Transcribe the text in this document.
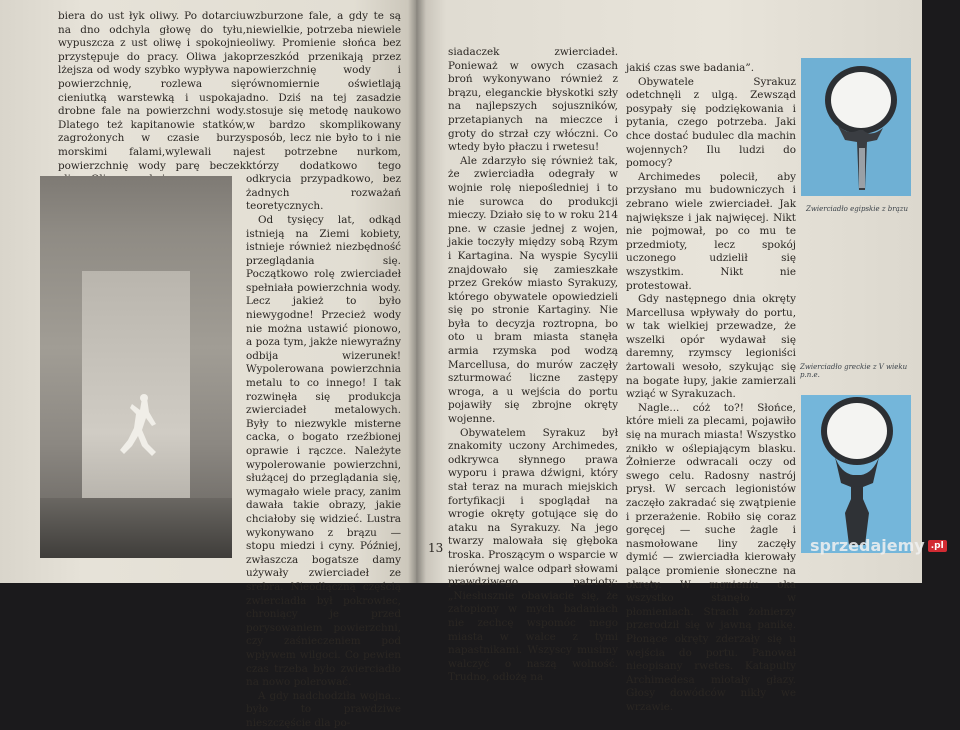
biera do ust łyk oliwy. Po dotarciu na dno odchyla głowę do tyłu, wypuszcza z ust oliwę i spokojnie przystępuje do pracy. Oliwa jako lżejsza od wody szybko wypływa na powierzchnię, rozlewa się cieniutką warstewką i uspokaja drobne fale na powierzchni wody. Dlatego też kapitanowie statków, zagrożonych w czasie burzy morskimi falami,wylewali na powierzchnię wody parę beczek

wzburzone fale, a gdy te są niewielkie, potrzeba niewiele oliwy. Promienie słońca bez przeszkód przenikają przez powierzchnię wody i równomiernie oświetlają dno. Dziś na tej zasadzie stosuje się metodę naukowo w bardzo skomplikowany sposób, lecz nie było to i nie jest potrzebne nurkom, którzy dodatkowo tego odkrycia przypadkowo, bez żadnych rozważań teoretycznych.

Od tysięcy lat, odkąd istnieją na Ziemi kobiety, istnieje również niezbędność przeglądania się. Początkowo rolę zwierciadeł spełniała powierzchnia wody. Lecz jakież to było niewygodne! Przecież wody nie można ustawić pionowo, a poza tym, jakże niewyraźny odbija wizerunek! Wypolerowana powierzchnia metalu to co innego! I tak rozwinęła się produkcja zwierciadeł metalowych. Były to niezwykle misterne cacka, o bogato rzeźbionej oprawie i rączce. Należyte wypolerowanie powierzchni, służącej do przeglądania się, wymagało wiele pracy, zanim dawała takie obrazy, jakie chciałoby się widzieć. Lustra wykonywano z brązu — stopu miedzi i cyny. Później, zwłaszcza bogatsze damy używały zwierciadeł ze srebra. Nieodłączną częścią zwierciadła był pokrowiec, chroniący je przed porysowaniem powierzchni, czy zaśnieczeniem pod wpływem wilgoci. Co pewien czas trzeba było zwierciadło na nowo polerować.

A gdy nadchodziła wojna... było to prawdziwe nieszczęście dla po-

siadaczek zwierciadeł. Ponieważ w owych czasach broń wykonywano również z brązu, eleganckie błyskotki szły na najlepszych sojuszników, przetapianych na mieczce i groty do strzał czy włóczni. Co wtedy było płaczu i rwetesu!

Ale zdarzyło się również tak, że zwierciadła odegrały w wojnie rolę niepośledniej i to nie surowca do produkcji mieczy. Działo się to w roku 214 pne. w czasie jednej z wojen, jakie toczyły między sobą Rzym i Kartagina. Na wyspie Sycylii znajdowało się zamieszkałe przez Greków miasto Syrakuzy, którego obywatele opowiedzieli się po stronie Kartaginy. Nie była to decyzja roztropna, bo oto u bram miasta stanęła armia rzymska pod wodzą Marcellusa, do murów zaczęły szturmować liczne zastępy wroga, a u wejścia do portu pojawiły się zbrojne okręty wojenne.

Obywatelem Syrakuz był znakomity uczony Archimedes, odkrywca słynnego prawa wyporu i prawa dźwigni, który stał teraz na murach miejskich fortyfikacji i spoglądał na wrogie okręty gotujące się do ataku na Syrakuzy. Na jego twarzy malowała się głęboka troska. Proszącym o wsparcie w nierównej walce odparł słowami prawdziwego patrioty: „Niesłusznie obawiacie się, że zatopiony w mych badaniach nie zechcę wspomóc mego miasta w walce z tymi napastnikami. Wszyscy musimy walczyć o naszą wolność. Trudno, odłożę na

jakiś czas swe badania”.

Obywatele Syrakuz odetchnęli z ulgą. Zewsząd posypały się podziękowania i pytania, czego potrzeba. Jaki chce dostać budulec dla machin wojennych? Ilu ludzi do pomocy?

Archimedes polecił, aby przysłano mu budowniczych i zebrano wiele zwierciadeł. Jak największe i jak najwięcej. Nikt nie pojmował, po co mu te przedmioty, lecz spokój uczonego udzielił się wszystkim. Nikt nie protestował.

Gdy następnego dnia okręty Marcellusa wpływały do portu, w tak wielkiej przewadze, że wszelki opór wydawał się daremny, rzymscy legioniści żartowali wesoło, szykując się na bogate łupy, jakie zamierzali wziąć w Syrakuzach.

Nagle... cóż to?! Słońce, które mieli za plecami, pojawiło się na murach miasta! Wszystko znikło w oślepiającym blasku. Żołnierze odwracali oczy od swego celu. Radosny nastrój prysł. W sercach legionistów zaczęło zakradać się zwątpienie i przerażenie. Robiło się coraz goręcej — suche żagle i nasmołowane liny zaczęły dymić — zwierciadła kierowały palące promienie słoneczne na okręty. W mgnieniu oka wszystko stanęło w płomieniach. Strach żołnierzy przerodził się w jawną panikę. Płonące okręty zderzały się u wejścia do portu. Panował nieopisany rwetes. Katapulty Archimedesa miotały głazy. Głosy dowódców nikły we wrzawie.

13
Zwierciadło egipskie z brązu
Zwierciadło greckie z V wieku p.n.e.
sprzedajemy .pl
